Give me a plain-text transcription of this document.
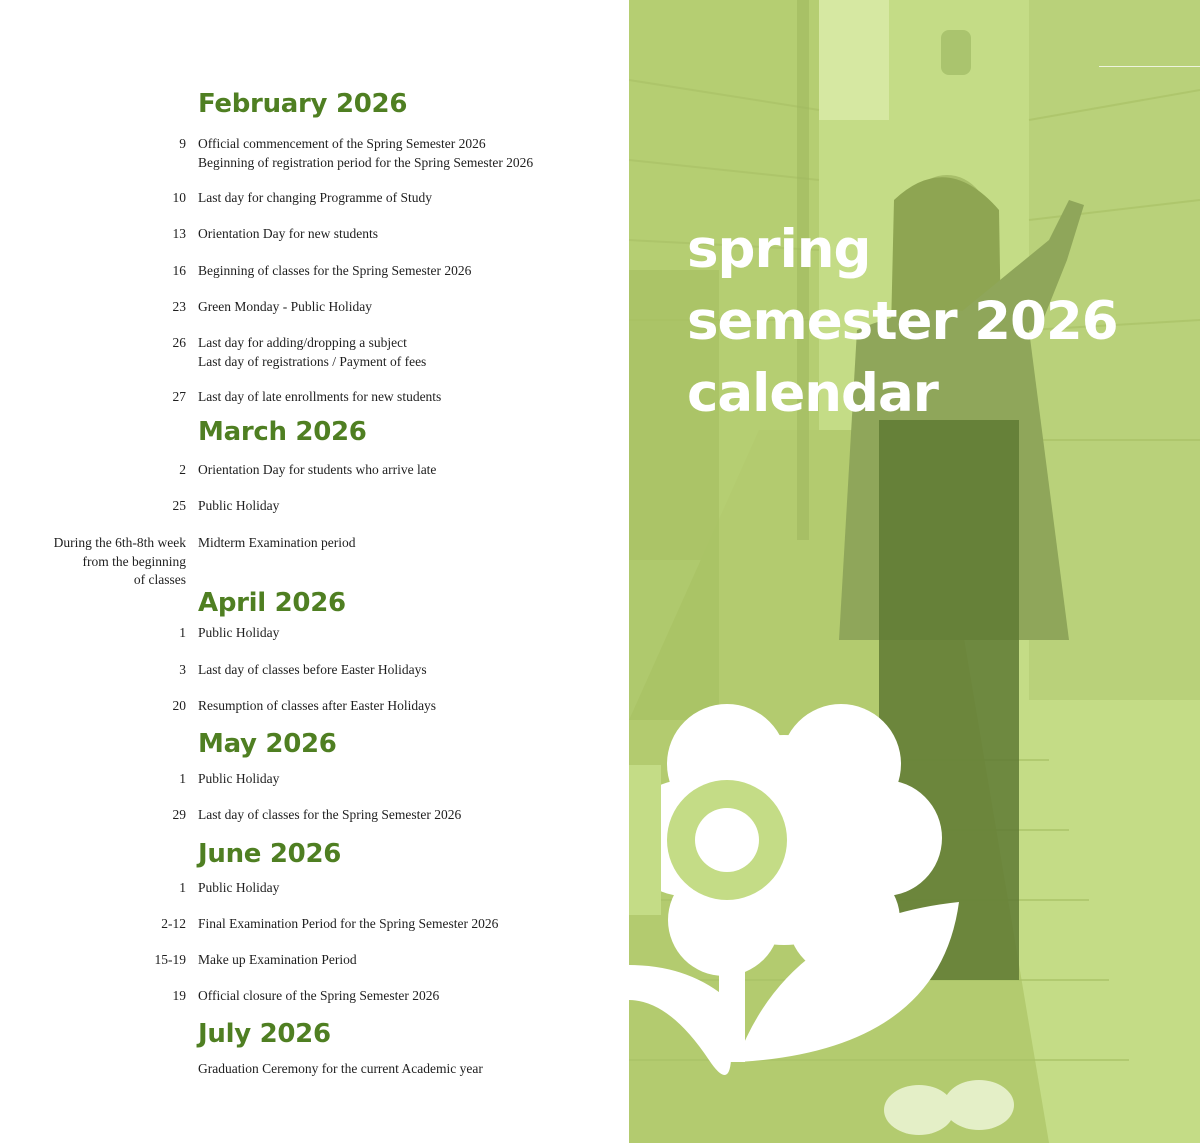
February 2026
9 Official commencement of the Spring Semester 2026
Beginning of registration period for the Spring Semester 2026
10 Last day for changing Programme of Study
13 Orientation Day for new students
16 Beginning of classes for the Spring Semester 2026
23 Green Monday - Public Holiday
26 Last day for adding/dropping a subject
Last day of registrations / Payment of fees
27 Last day of late enrollments for new students
March 2026
2 Orientation Day for students who arrive late
25 Public Holiday
During the 6th-8th week
from the beginning
of classes
Midterm Examination period
April 2026
1 Public Holiday
3 Last day of classes before Easter Holidays
20 Resumption of classes after Easter Holidays
May 2026
1 Public Holiday
29 Last day of classes for the Spring Semester 2026
June 2026
1 Public Holiday
2-12 Final Examination Period for the Spring Semester 2026
15-19 Make up Examination Period
19 Official closure of the Spring Semester 2026
July 2026
Graduation Ceremony for the current Academic year
spring
semester 2026
calendar
